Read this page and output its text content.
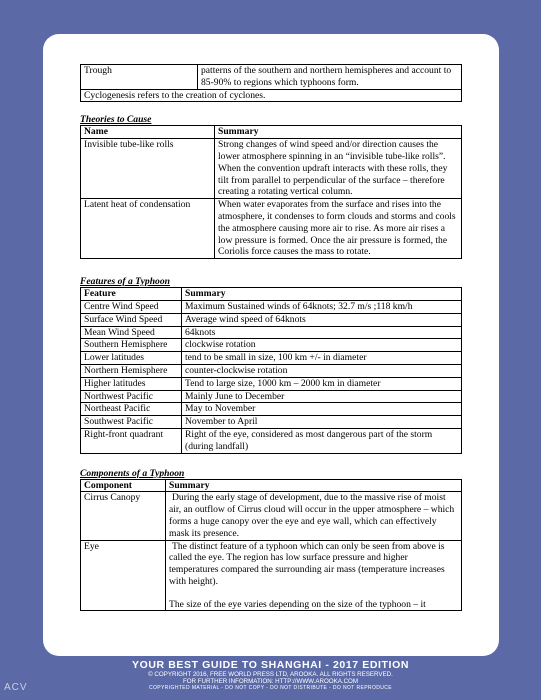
Trough	patterns of the southern and northern hemispheres and account to 85-90% to regions which typhoons form.
Cyclogenesis refers to the creation of cyclones.

Theories to Cause

Name	Summary
Invisible tube-like rolls	Strong changes of wind speed and/or direction causes the lower atmosphere spinning in an “invisible tube-like rolls”. When the convention updraft interacts with these rolls, they tilt from parallel to perpendicular of the surface – therefore creating a rotating vertical column.
Latent heat of condensation	When water evaporates from the surface and rises into the atmosphere, it condenses to form clouds and storms and cools the atmosphere causing more air to rise. As more air rises a low pressure is formed. Once the air pressure is formed, the Coriolis force causes the mass to rotate.

Features of a Typhoon

Feature	Summary
Centre Wind Speed	Maximum Sustained winds of 64knots; 32.7 m/s ;118 km/h
Surface Wind Speed	Average wind speed of 64knots
Mean Wind Speed	64knots
Southern Hemisphere	clockwise rotation
Lower latitudes	tend to be small in size, 100 km +/- in diameter
Northern Hemisphere	counter-clockwise rotation
Higher latitudes	Tend to large size, 1000 km – 2000 km in diameter
Northwest Pacific	Mainly June to December
Northeast Pacific	May to November
Southwest Pacific	November to April
Right-front quadrant	Right of the eye, considered as most dangerous part of the storm (during landfall)

Components of a Typhoon

Component	Summary
Cirrus Canopy	During the early stage of development, due to the massive rise of moist air, an outflow of Cirrus cloud will occur in the upper atmosphere – which forms a huge canopy over the eye and eye wall, which can effectively mask its presence.
Eye	The distinct feature of a typhoon which can only be seen from above is called the eye. The region has low surface pressure and higher temperatures compared the surrounding air mass (temperature increases with height).
The size of the eye varies depending on the size of the typhoon – it
YOUR BEST GUIDE TO SHANGHAI - 2017 EDITION
© COPYRIGHT 2016, FREE WORLD PRESS LTD, AROOKA. ALL RIGHTS RESERVED.
FOR FURTHER INFORMATION: HTTP://WWW.AROOKA.COM
COPYRIGHTED MATERIAL - DO NOT COPY - DO NOT DISTRIBUTE - DO NOT REPRODUCE
ACV
